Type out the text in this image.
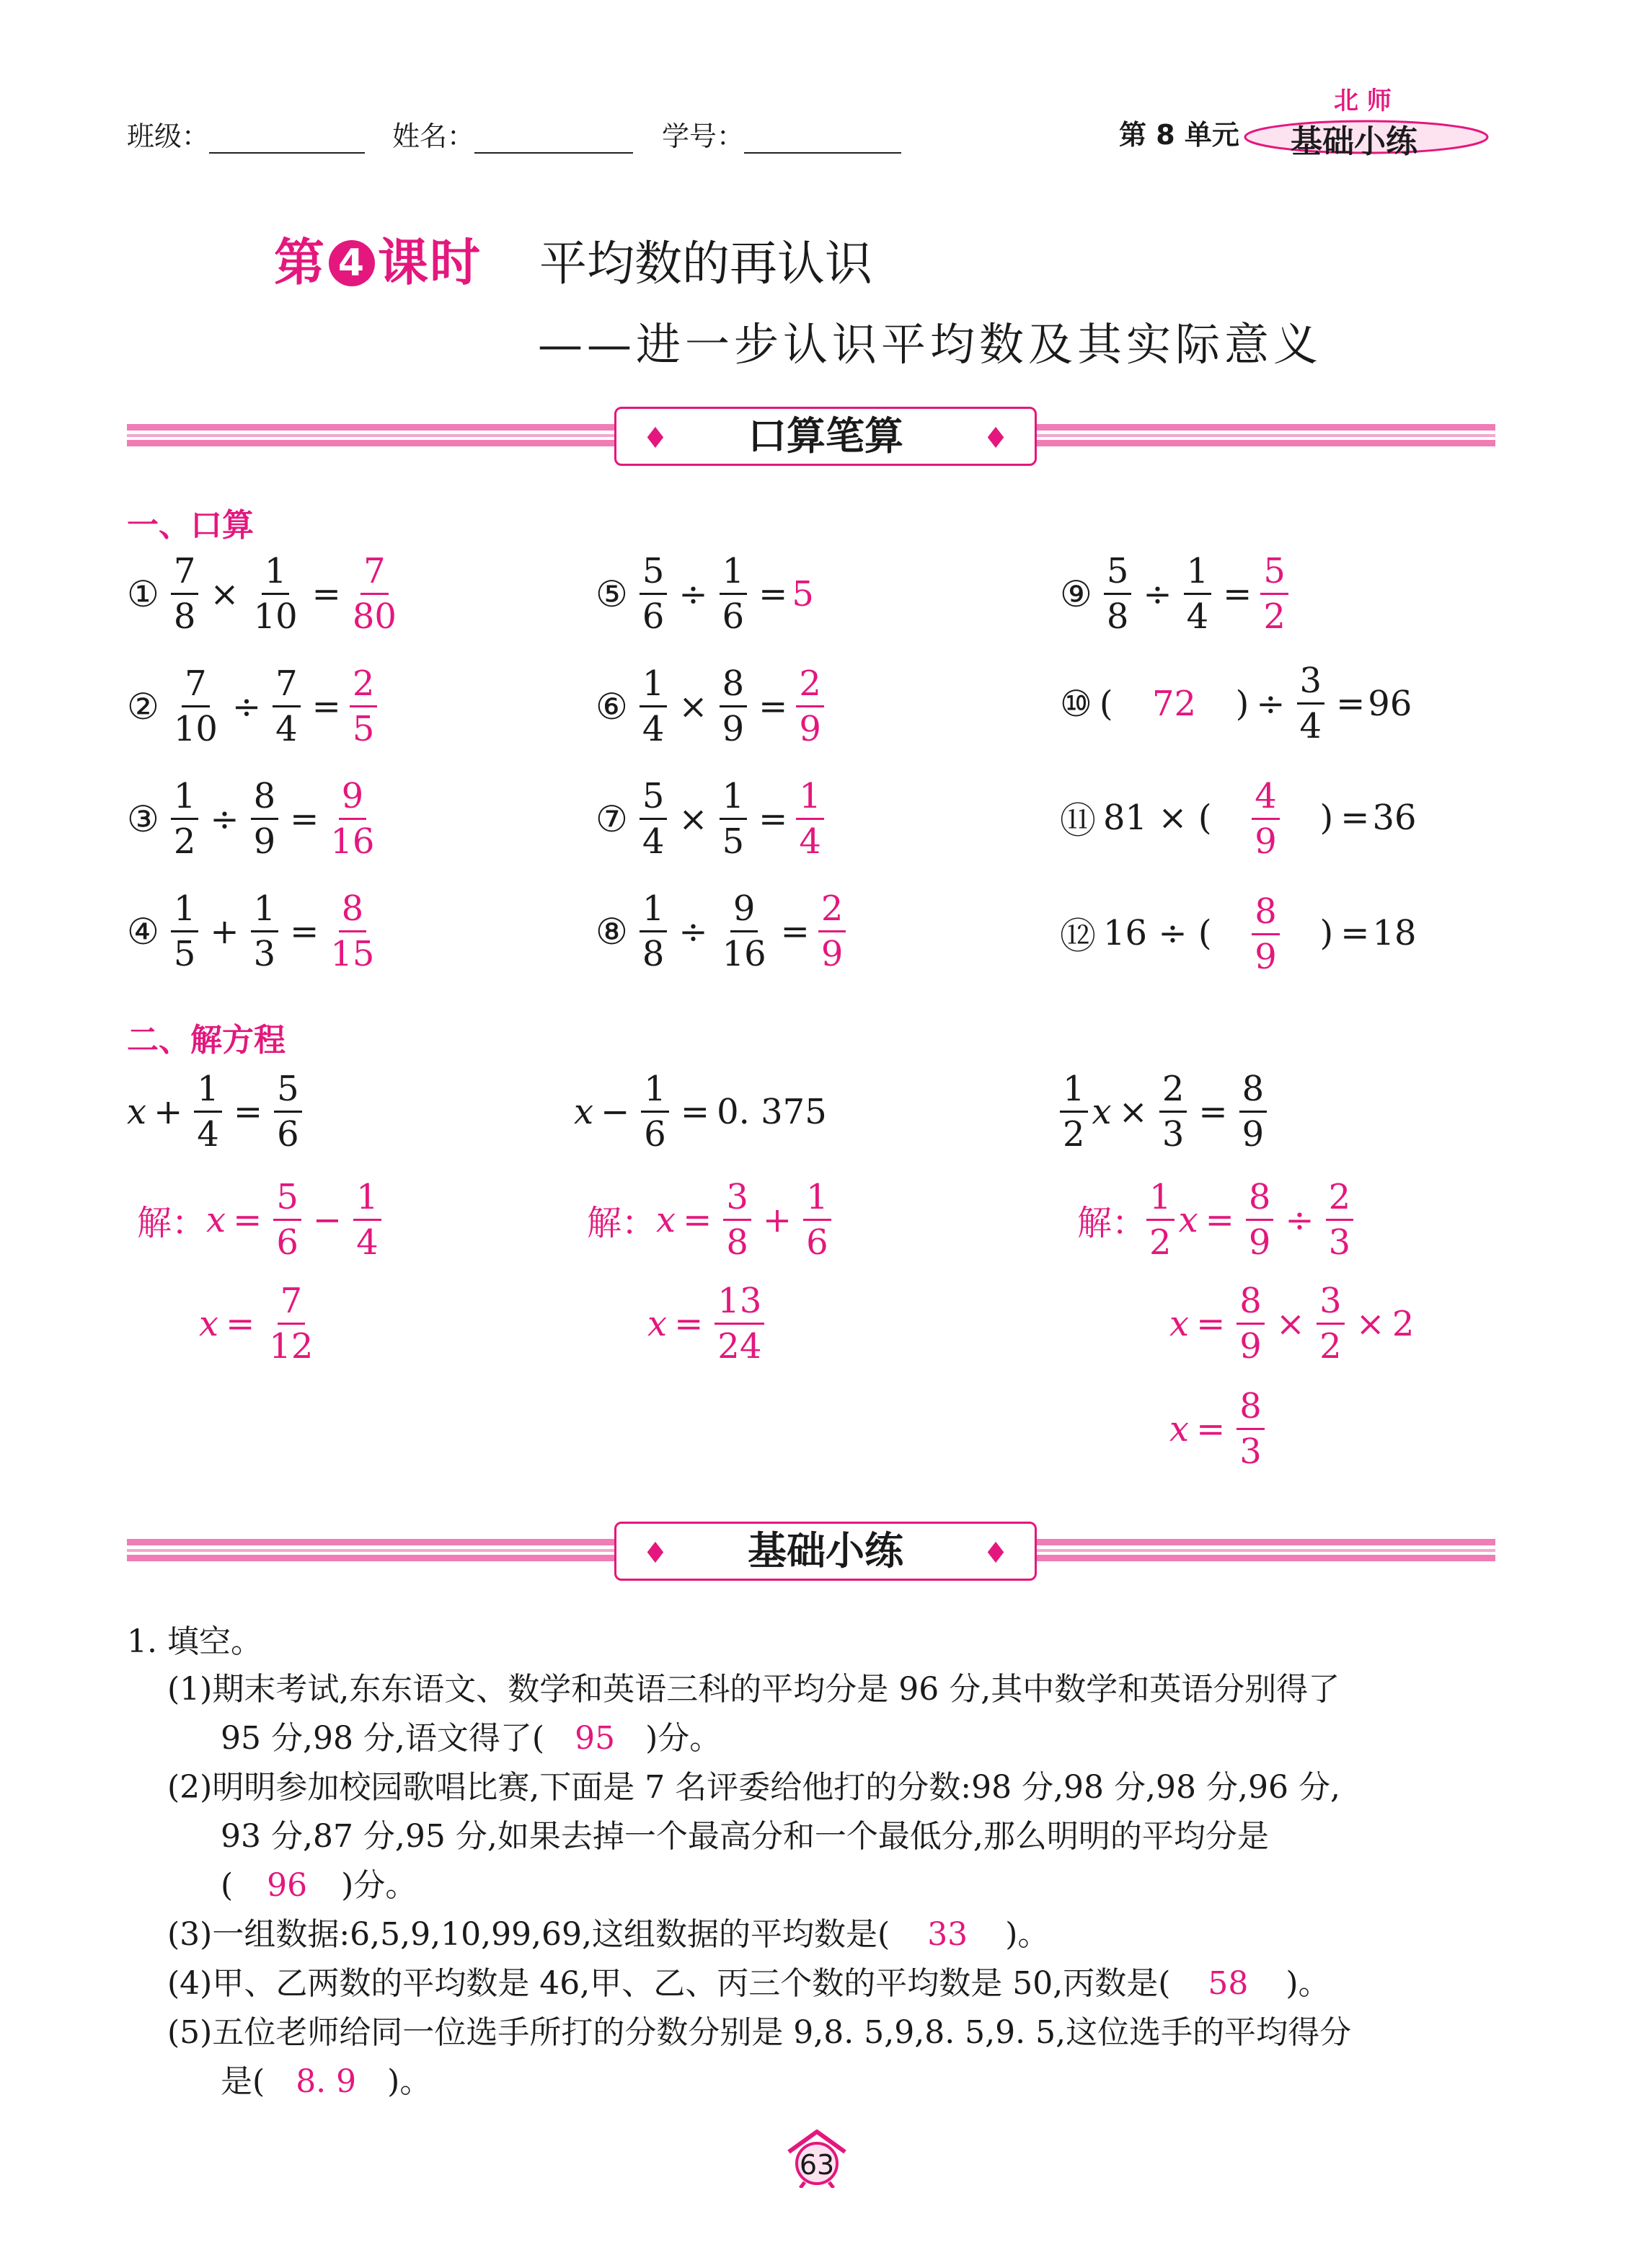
班级：	姓名：	学号：	第 8 单元
北 师
基础小练
第 4 课时 平均数的再认识
——进一步认识平均数及其实际意义
♦ 口算笔算	♦
一、口算
① $\frac{7}{8} \times \frac{1}{10} = \frac{7}{80}$
② $\frac{7}{10} \div \frac{7}{4} = \frac{2}{5}$
③ $\frac{1}{2} \div \frac{8}{9} = \frac{9}{16}$
④
1
5
+ $\frac{1}{3} = \frac{8}{15}$
⑤ $\frac{5}{6} \div \frac{1}{6} = 5$
⑥ $\frac{1}{4} \times \frac{8}{9} = \frac{2}{9}$
⑦ $\frac{5}{4} \times \frac{1}{5} = \frac{1}{4}$
⑧ $\frac{1}{8} \div \frac{9}{16} = \frac{2}{9}$
⑨ $\frac{5}{8} \div \frac{1}{4} = \frac{5}{2}$
⑩ (	72	) ÷ $\frac{3}{4} = 96$
⑪ 81 × ( $\frac{4}{9}$ ) = 36
⑫ 16 ÷ ( $\frac{8}{9}$ ) = 18
二、解方程
$x + \frac{1}{4} = \frac{5}{6}$
解： $x = \frac{5}{6} - \frac{1}{4}$
$x = \frac{7}{12}$
$x - \frac{1}{6} = 0$. 375
解： $x = \frac{3}{8} + \frac{1}{6}$
$x = \frac{13}{24}$
1
2
$x \times \frac{2}{3} = \frac{8}{9}$
解：
1
2
$x = \frac{8}{9} \div \frac{2}{3}$
$x = \frac{8}{9} \times \frac{3}{2} \times 2$
$x = \frac{8}{3}$
♦ 基础小练	♦
1. 填空。
(1)期末考试,东东语文、数学和英语三科的平均分是 96 分,其中数学和英语分别得了
95 分,98 分,语文得了( 95 )分。
(2)明明参加校园歌唱比赛,下面是 7 名评委给他打的分数:98 分,98 分,98 分,96 分,
93 分,87 分,95 分,如果去掉一个最高分和一个最低分,那么明明的平均分是
( 96 )分。
(3)一组数据:6,5,9,10,99,69,这组数据的平均数是( 33 )。
(4)甲、乙两数的平均数是 46,甲、乙、丙三个数的平均数是 50,丙数是( 58 )。
(5)五位老师给同一位选手所打的分数分别是 9,8. 5,9,8. 5,9. 5,这位选手的平均得分
是( 8. 9 )。
63
